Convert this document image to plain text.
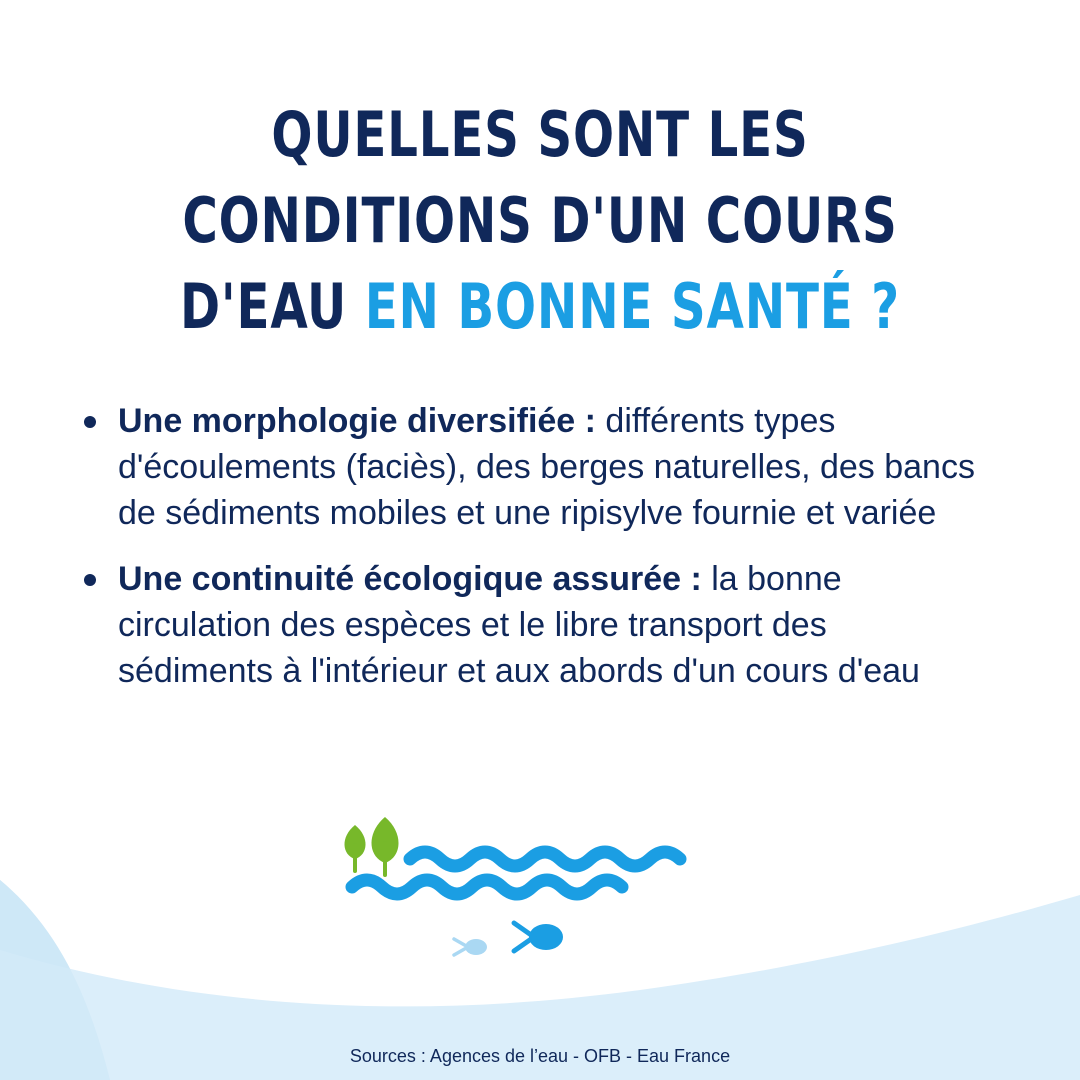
QUELLES SONT LES
CONDITIONS D'UN COURS
D'EAU EN BONNE SANTÉ ?
Une morphologie diversifiée : différents types d'écoulements (faciès), des berges naturelles, des bancs de sédiments mobiles et une ripisylve fournie et variée
Une continuité écologique assurée : la bonne circulation des espèces et le libre transport des sédiments à l'intérieur et aux abords d'un cours d'eau
Sources : Agences de l’eau - OFB - Eau France
